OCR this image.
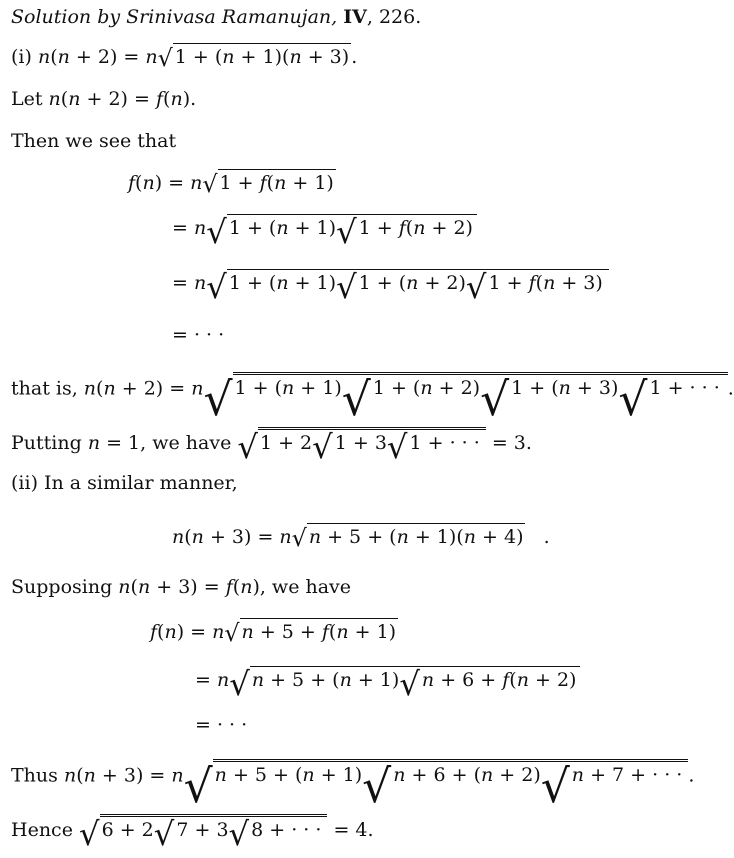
Solution by Srinivasa Ramanujan, IV, 226.
(i) n(n + 2) = n√ 1 + (n + 1)(n + 3) .
Let n(n + 2) = f(n).
Then we see that
f(n) = n√ 1 + f(n + 1)
= n√ 1 + (n + 1)√ 1 + f(n + 2)
= n√ 1 + (n + 1)√ 1 + (n + 2)√ 1 + f(n + 3)
= · · ·
that is, n(n + 2) = n√ 1 + (n + 1)√ 1 + (n + 2)√ 1 + (n + 3)√ 1 + · · · .
Putting n = 1, we have √ 1 + 2√ 1 + 3√ 1 + · · · = 3.
(ii) In a similar manner,
n(n + 3) = n√ n + 5 + (n + 1)(n + 4)   .
Supposing n(n + 3) = f(n), we have
f(n) = n√ n + 5 + f(n + 1)
= n√ n + 5 + (n + 1)√ n + 6 + f(n + 2)
= · · ·
Thus n(n + 3) = n√ n + 5 + (n + 1)√ n + 6 + (n + 2)√ n + 7 + · · · .
Hence √ 6 + 2√ 7 + 3√ 8 + · · · = 4.
